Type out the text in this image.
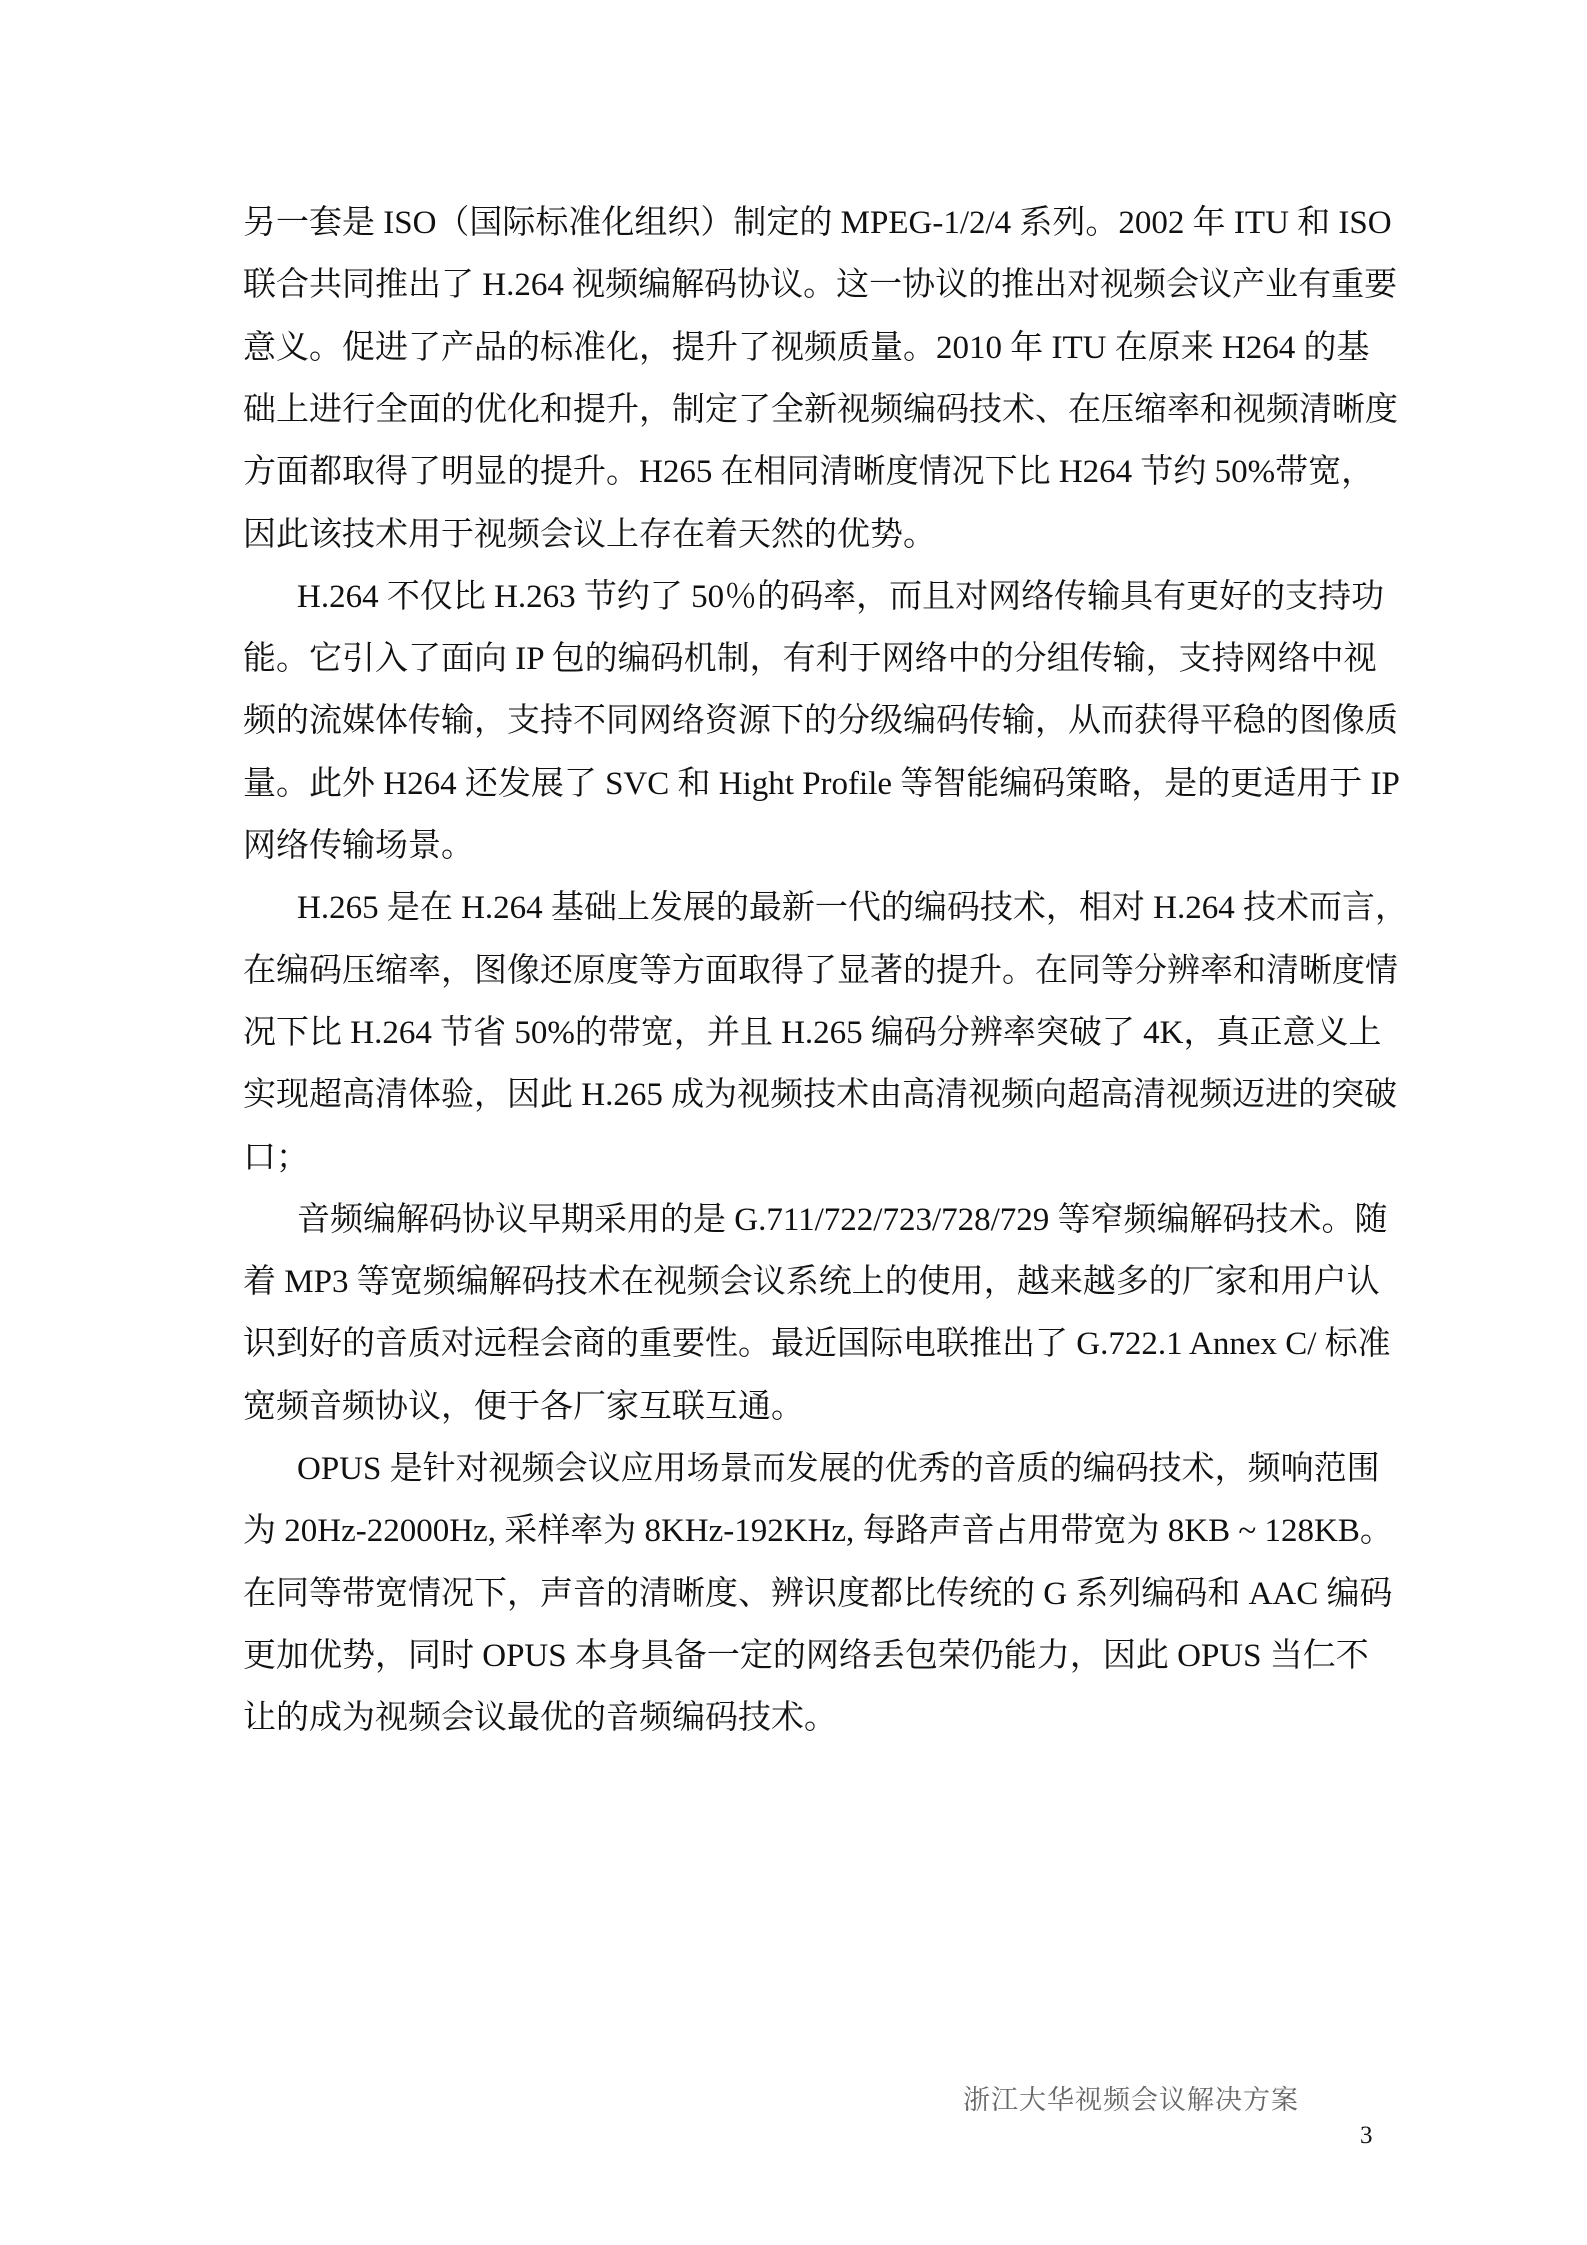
另一套是 ISO（国际标准化组织）制定的 MPEG-1/2/4 系列。2002 年 ITU 和 ISO
联合共同推出了 H.264 视频编解码协议。这一协议的推出对视频会议产业有重要
意义。促进了产品的标准化，提升了视频质量。2010 年 ITU 在原来 H264 的基
础上进行全面的优化和提升，制定了全新视频编码技术、在压缩率和视频清晰度
方面都取得了明显的提升。H265 在相同清晰度情况下比 H264 节约 50%带宽，
因此该技术用于视频会议上存在着天然的优势。
H.264 不仅比 H.263 节约了 50％的码率，而且对网络传输具有更好的支持功
能。它引入了面向 IP 包的编码机制，有利于网络中的分组传输，支持网络中视
频的流媒体传输，支持不同网络资源下的分级编码传输，从而获得平稳的图像质
量。此外 H264 还发展了 SVC 和 Hight Profile 等智能编码策略，是的更适用于 IP
网络传输场景。
H.265 是在 H.264 基础上发展的最新一代的编码技术，相对 H.264 技术而言，
在编码压缩率，图像还原度等方面取得了显著的提升。在同等分辨率和清晰度情
况下比 H.264 节省 50%的带宽，并且 H.265 编码分辨率突破了 4K，真正意义上
实现超高清体验，因此 H.265 成为视频技术由高清视频向超高清视频迈进的突破
口；
音频编解码协议早期采用的是 G.711/722/723/728/729 等窄频编解码技术。随
着 MP3 等宽频编解码技术在视频会议系统上的使用，越来越多的厂家和用户认
识到好的音质对远程会商的重要性。最近国际电联推出了 G.722.1 Annex C/ 标准
宽频音频协议，便于各厂家互联互通。
OPUS 是针对视频会议应用场景而发展的优秀的音质的编码技术，频响范围
为 20Hz-22000Hz, 采样率为 8KHz-192KHz, 每路声音占用带宽为 8KB ~ 128KB。
在同等带宽情况下，声音的清晰度、辨识度都比传统的 G 系列编码和 AAC 编码
更加优势，同时 OPUS 本身具备一定的网络丢包荣仍能力，因此 OPUS 当仁不
让的成为视频会议最优的音频编码技术。
浙江大华视频会议解决方案
3
